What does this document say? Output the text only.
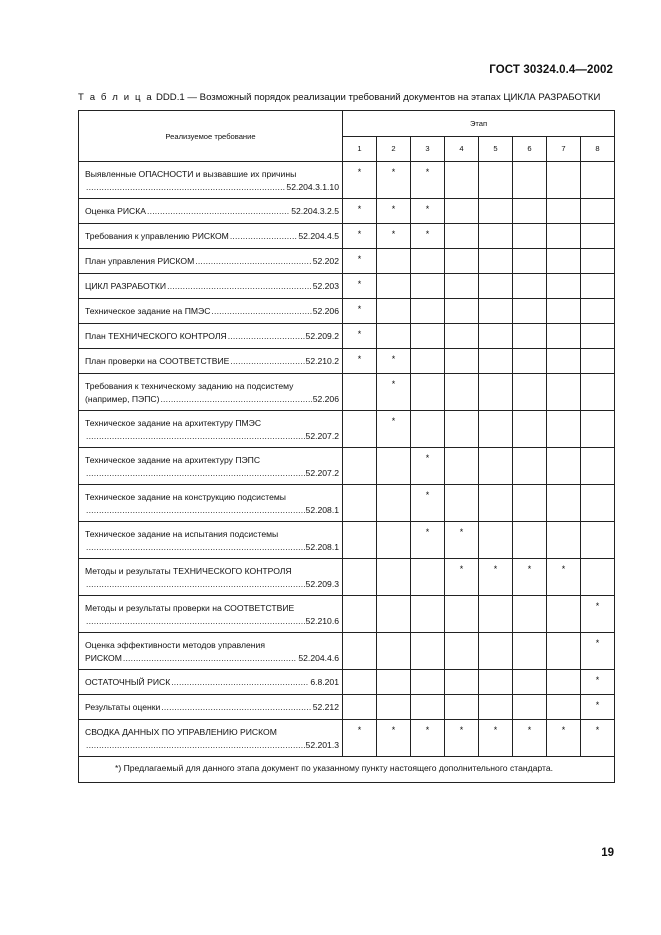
ГОСТ 30324.0.4—2002
Т а б л и ц а DDD.1 — Возможный порядок реализации требований документов на этапах ЦИКЛА РАЗРАБОТКИ
Реализуемое требование	Этап							
	1	2	3	4	5	6	7	8

Выявленные ОПАСНОСТИ и вызвавшие их причины
.....
52.204.3.1.10	*	*	*					

Оценка РИСКА ..... 52.204.3.2.5	*	*	*					

Требования к управлению РИСКОМ ..... 52.204.4.5	*	*	*					

План управления РИСКОМ ..... 52.202	*							

ЦИКЛ РАЗРАБОТКИ ..... 52.203	*							

Техническое задание на ПМЭС ..... 52.206	*							

План ТЕХНИЧЕСКОГО КОНТРОЛЯ ..... 52.209.2	*							

План проверки на СООТВЕТСТВИЕ ..... 52.210.2	*	*						

Требования к техническому заданию на подсистему
(например, ПЭПС) ..... 52.206		*						

Техническое задание на архитектуру ПМЭС
.....
52.207.2		*						

Техническое задание на архитектуру ПЭПС
.....
52.207.2			*					

Техническое задание на конструкцию подсистемы
.....
52.208.1			*					

Техническое задание на испытания подсистемы
.....
52.208.1			*	*				

Методы и результаты ТЕХНИЧЕСКОГО КОНТРОЛЯ
.....
52.209.3				*	*	*	*	

Методы и результаты проверки на СООТВЕТСТВИЕ
.....
52.210.6								*

Оценка эффективности методов управления
РИСКОМ ..... 52.204.4.6								*

ОСТАТОЧНЫЙ РИСК ..... 6.8.201								*

Результаты оценки ..... 52.212								*

СВОДКА ДАННЫХ ПО УПРАВЛЕНИЮ РИСКОМ
.....
52.201.3	*	*	*	*	*	*	*	*
*) Предлагаемый для данного этапа документ по указанному пункту настоящего дополнительного стандарта.								
19
